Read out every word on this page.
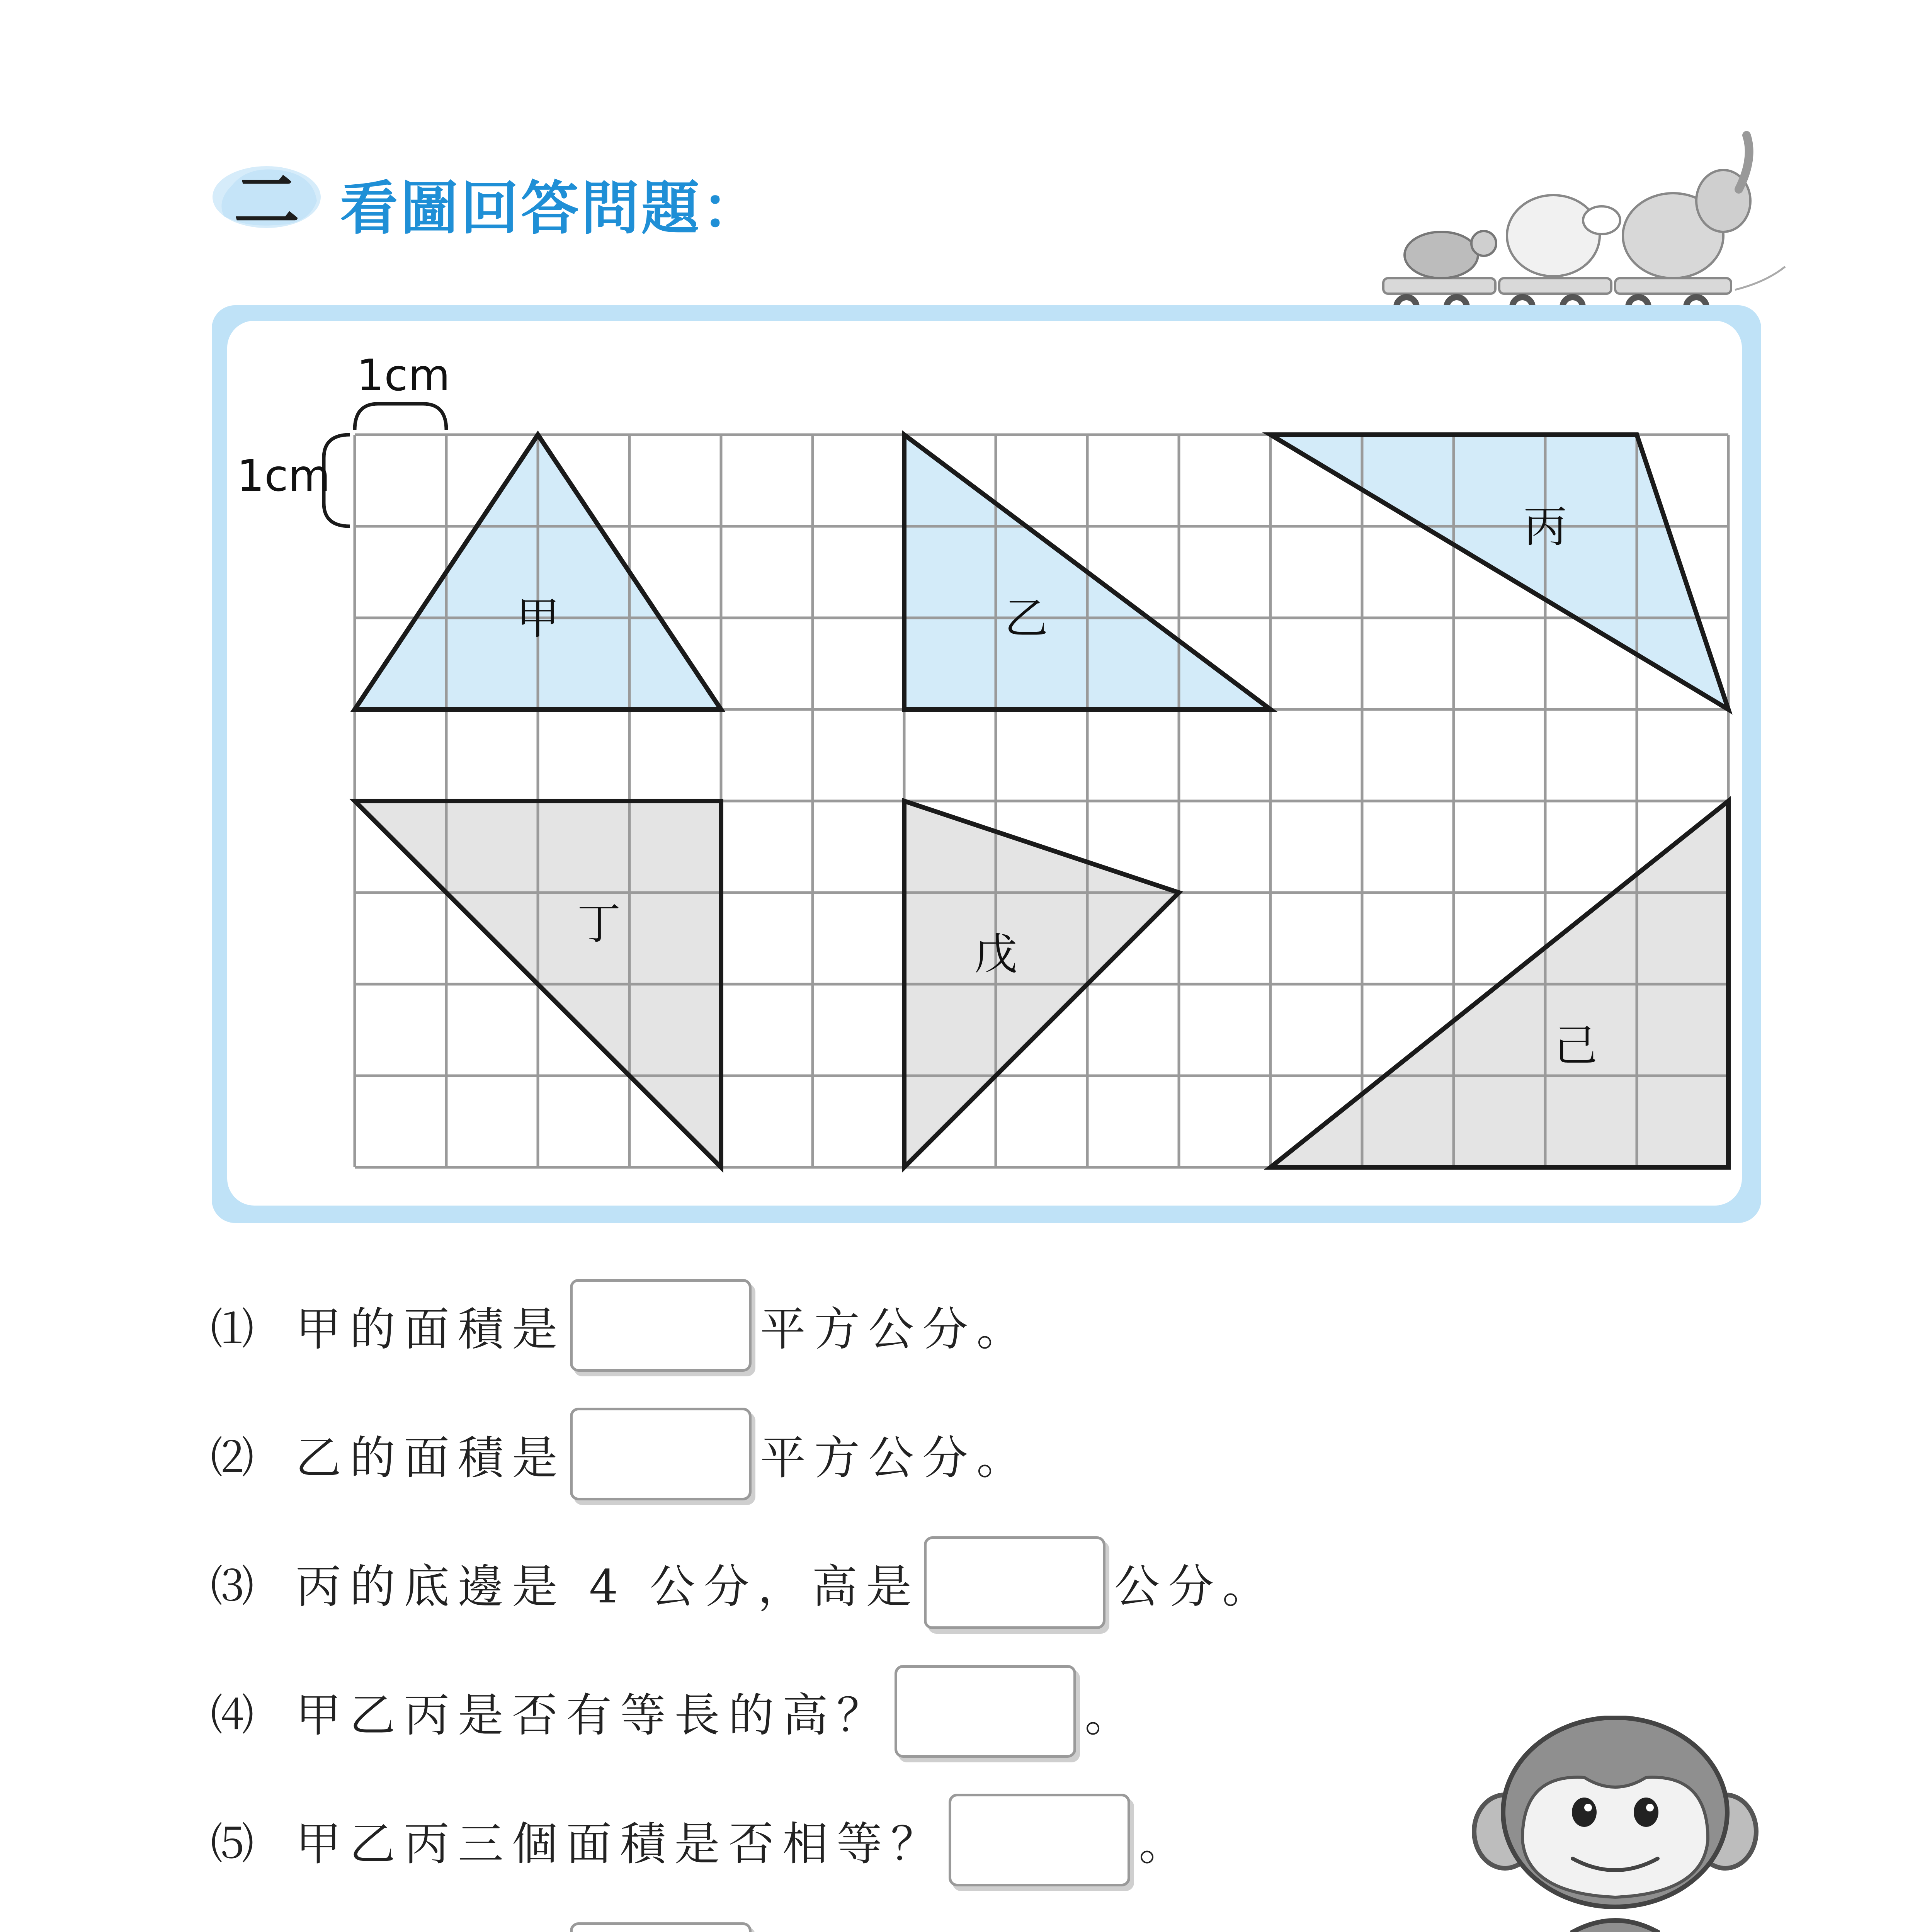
二 看圖回答問題：
甲	乙
丙
丁
戊
己
1cm
1cm
⑴ 甲的面積是	平方公分。
⑵ 乙的面積是	平方公分。
⑶ 丙的底邊是 4 公分，高是	公分。
⑷ 甲乙丙是否有等長的高？	。
⑸ 甲乙丙三個面積是否相等？	。
